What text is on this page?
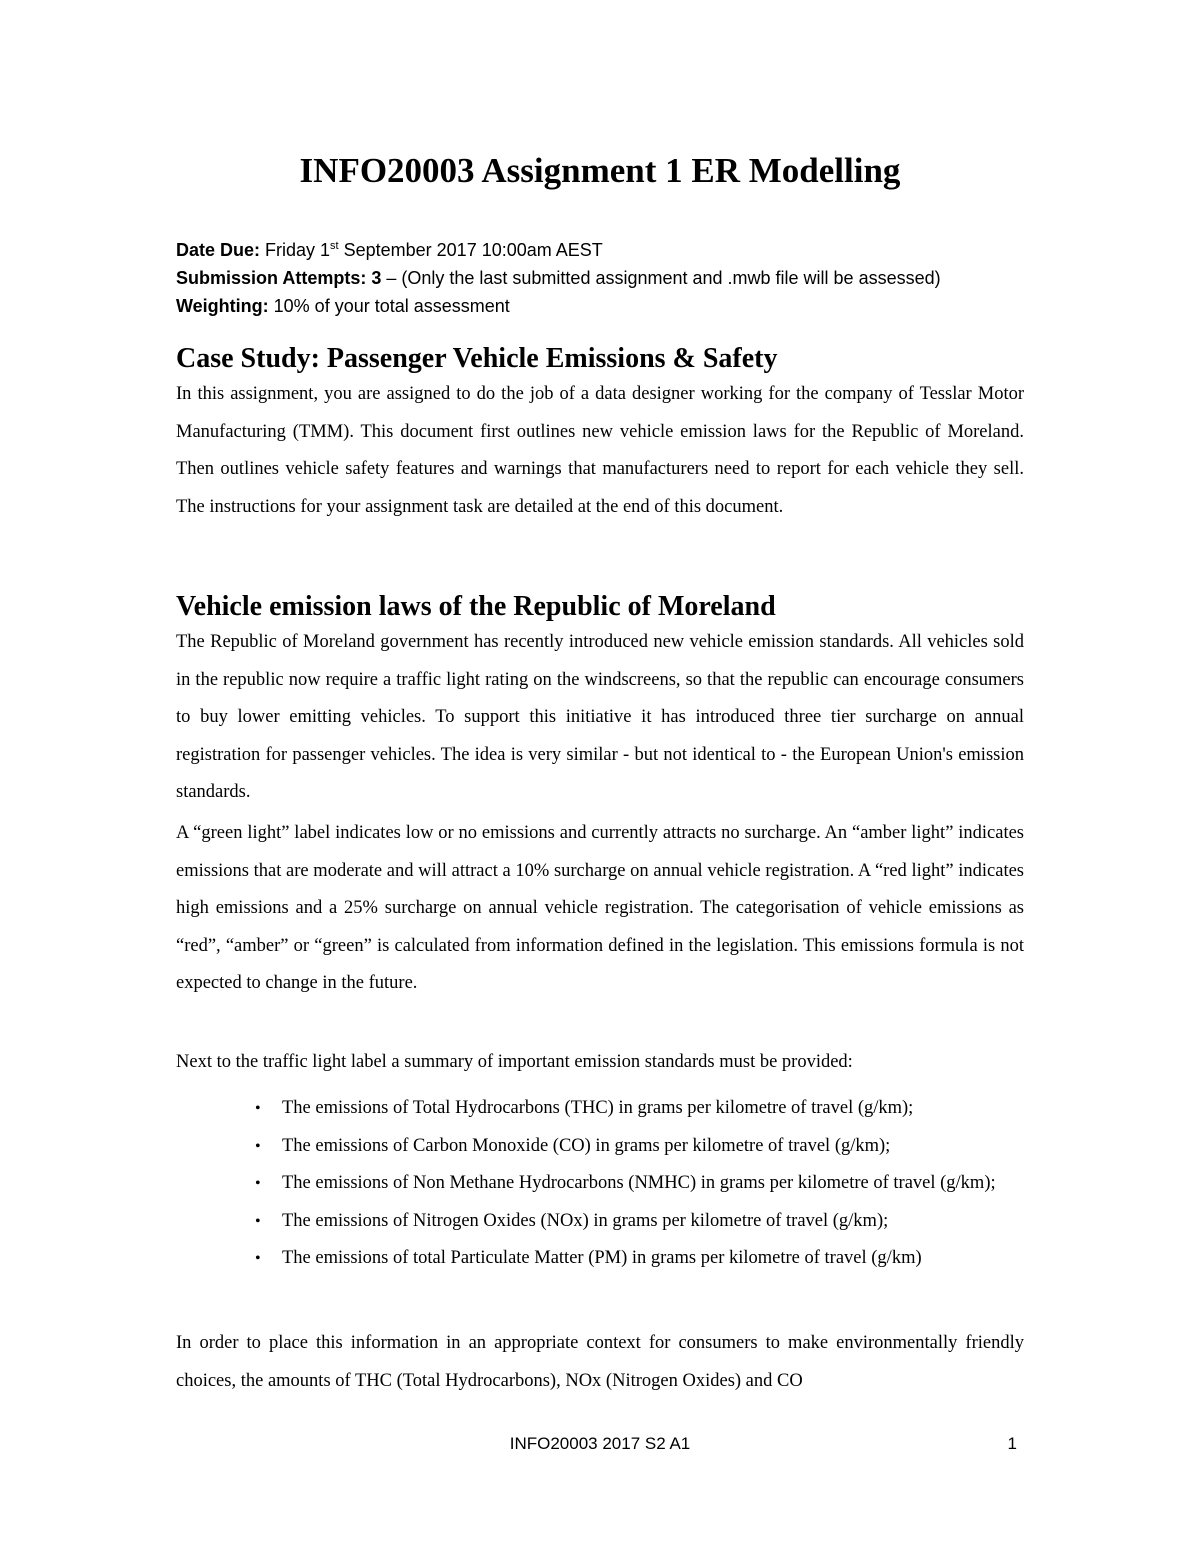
INFO20003 Assignment 1 ER Modelling
Date Due: Friday 1st September 2017 10:00am AEST
Submission Attempts: 3 – (Only the last submitted assignment and .mwb file will be assessed)
Weighting: 10% of your total assessment
Case Study: Passenger Vehicle Emissions & Safety

In this assignment, you are assigned to do the job of a data designer working for the company of Tesslar Motor Manufacturing (TMM). This document first outlines new vehicle emission laws for the Republic of Moreland. Then outlines vehicle safety features and warnings that manufacturers need to report for each vehicle they sell. The instructions for your assignment task are detailed at the end of this document.

Vehicle emission laws of the Republic of Moreland

The Republic of Moreland government has recently introduced new vehicle emission standards. All vehicles sold in the republic now require a traffic light rating on the windscreens, so that the republic can encourage consumers to buy lower emitting vehicles. To support this initiative it has introduced three tier surcharge on annual registration for passenger vehicles. The idea is very similar - but not identical to - the European Union's emission standards.

A “green light” label indicates low or no emissions and currently attracts no surcharge. An “amber light” indicates emissions that are moderate and will attract a 10% surcharge on annual vehicle registration. A “red light” indicates high emissions and a 25% surcharge on annual vehicle registration. The categorisation of vehicle emissions as “red”, “amber” or “green” is calculated from information defined in the legislation. This emissions formula is not expected to change in the future.

Next to the traffic light label a summary of important emission standards must be provided:

• The emissions of Total Hydrocarbons (THC) in grams per kilometre of travel (g/km);
• The emissions of Carbon Monoxide (CO) in grams per kilometre of travel (g/km);
• The emissions of Non Methane Hydrocarbons (NMHC) in grams per kilometre of travel (g/km);
• The emissions of Nitrogen Oxides (NOx) in grams per kilometre of travel (g/km);
• The emissions of total Particulate Matter (PM) in grams per kilometre of travel (g/km)

In order to place this information in an appropriate context for consumers to make environmentally friendly choices, the amounts of THC (Total Hydrocarbons), NOx (Nitrogen Oxides) and CO

INFO20003 2017 S2 A1	1
